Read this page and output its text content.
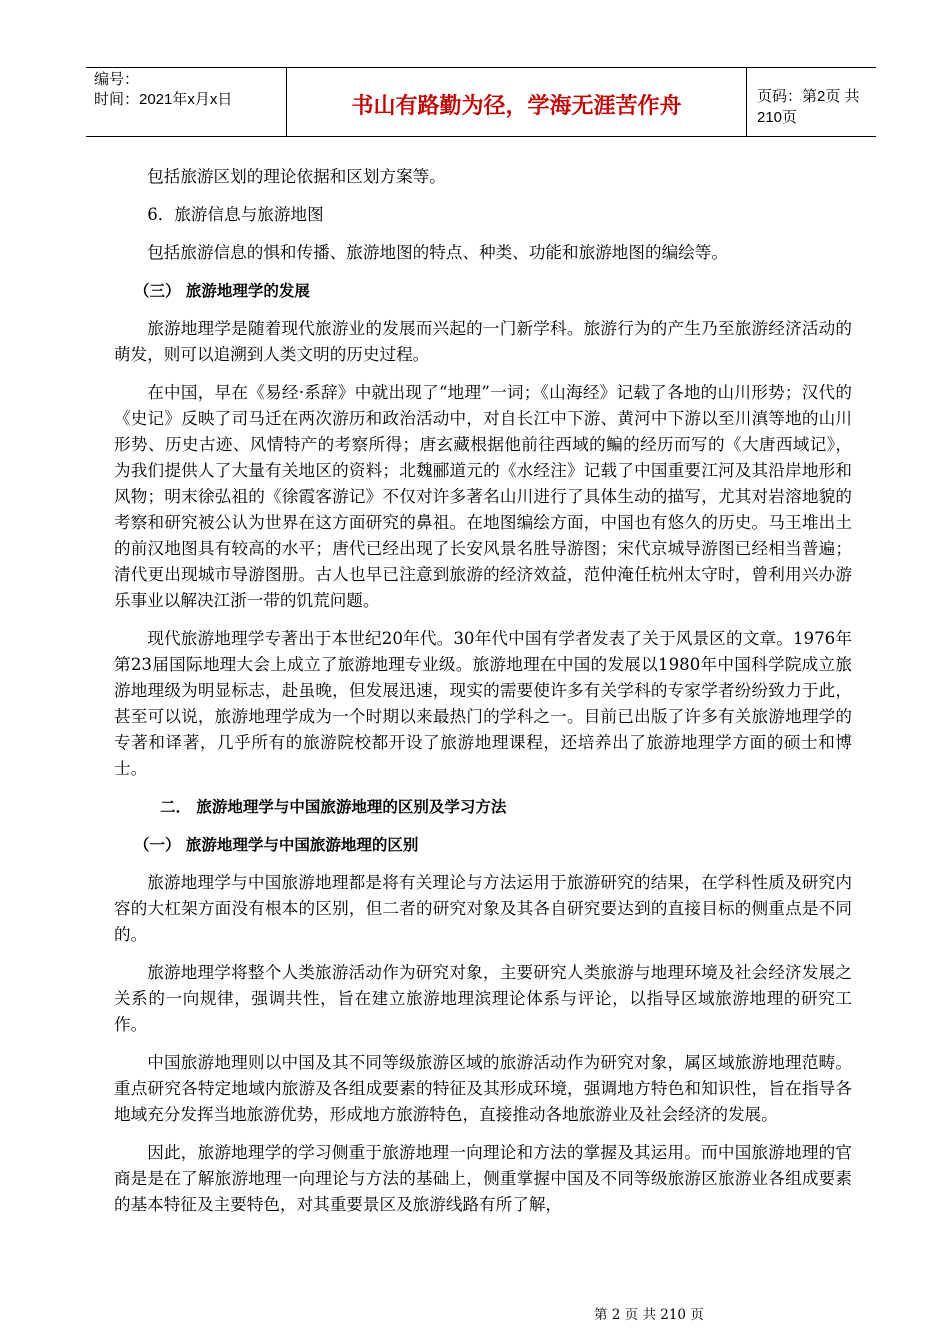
编号：
时间：2021年x月x日	书山有路勤为径，学海无涯苦作舟	页码：第2页 共210页

包括旅游区划的理论依据和区划方案等。

6．旅游信息与旅游地图

包括旅游信息的惧和传播、旅游地图的特点、种类、功能和旅游地图的编绘等。

（三） 旅游地理学的发展

旅游地理学是随着现代旅游业的发展而兴起的一门新学科。旅游行为的产生乃至旅游经济活动的萌发，则可以追溯到人类文明的历史过程。

在中国，早在《易经·系辞》中就出现了“地理”一词；《山海经》记载了各地的山川形势；汉代的《史记》反映了司马迁在两次游历和政治活动中，对自长江中下游、黄河中下游以至川滇等地的山川形势、历史古迹、风情特产的考察所得；唐玄藏根据他前往西域的鳊的经历而写的《大唐西域记》，为我们提供人了大量有关地区的资料；北魏郦道元的《水经注》记载了中国重要江河及其沿岸地形和风物；明末徐弘祖的《徐霞客游记》不仅对许多著名山川进行了具体生动的描写，尤其对岩溶地貌的考察和研究被公认为世界在这方面研究的鼻祖。在地图编绘方面，中国也有悠久的历史。马王堆出土的前汉地图具有较高的水平；唐代已经出现了长安风景名胜导游图；宋代京城导游图已经相当普遍；清代更出现城市导游图册。古人也早已注意到旅游的经济效益，范仲淹任杭州太守时，曾利用兴办游乐事业以解决江浙一带的饥荒问题。

现代旅游地理学专著出于本世纪20年代。30年代中国有学者发表了关于风景区的文章。1976年第23届国际地理大会上成立了旅游地理专业级。旅游地理在中国的发展以1980年中国科学院成立旅游地理级为明显标志，赴虽晚，但发展迅速，现实的需要使许多有关学科的专家学者纷纷致力于此，甚至可以说，旅游地理学成为一个时期以来最热门的学科之一。目前已出版了许多有关旅游地理学的专著和译著，几乎所有的旅游院校都开设了旅游地理课程，还培养出了旅游地理学方面的硕士和博士。

二． 旅游地理学与中国旅游地理的区别及学习方法

（一） 旅游地理学与中国旅游地理的区别

旅游地理学与中国旅游地理都是将有关理论与方法运用于旅游研究的结果，在学科性质及研究内容的大杠架方面没有根本的区别，但二者的研究对象及其各自研究要达到的直接目标的侧重点是不同的。

旅游地理学将整个人类旅游活动作为研究对象，主要研究人类旅游与地理环境及社会经济发展之关系的一向规律，强调共性，旨在建立旅游地理滨理论体系与评论，以指导区域旅游地理的研究工作。

中国旅游地理则以中国及其不同等级旅游区域的旅游活动作为研究对象，属区域旅游地理范畴。重点研究各特定地域内旅游及各组成要素的特征及其形成环境，强调地方特色和知识性，旨在指导各地域充分发挥当地旅游优势，形成地方旅游特色，直接推动各地旅游业及社会经济的发展。

因此，旅游地理学的学习侧重于旅游地理一向理论和方法的掌握及其运用。而中国旅游地理的官商是是在了解旅游地理一向理论与方法的基础上，侧重掌握中国及不同等级旅游区旅游业各组成要素的基本特征及主要特色，对其重要景区及旅游线路有所了解，

第 2 页 共 210 页
